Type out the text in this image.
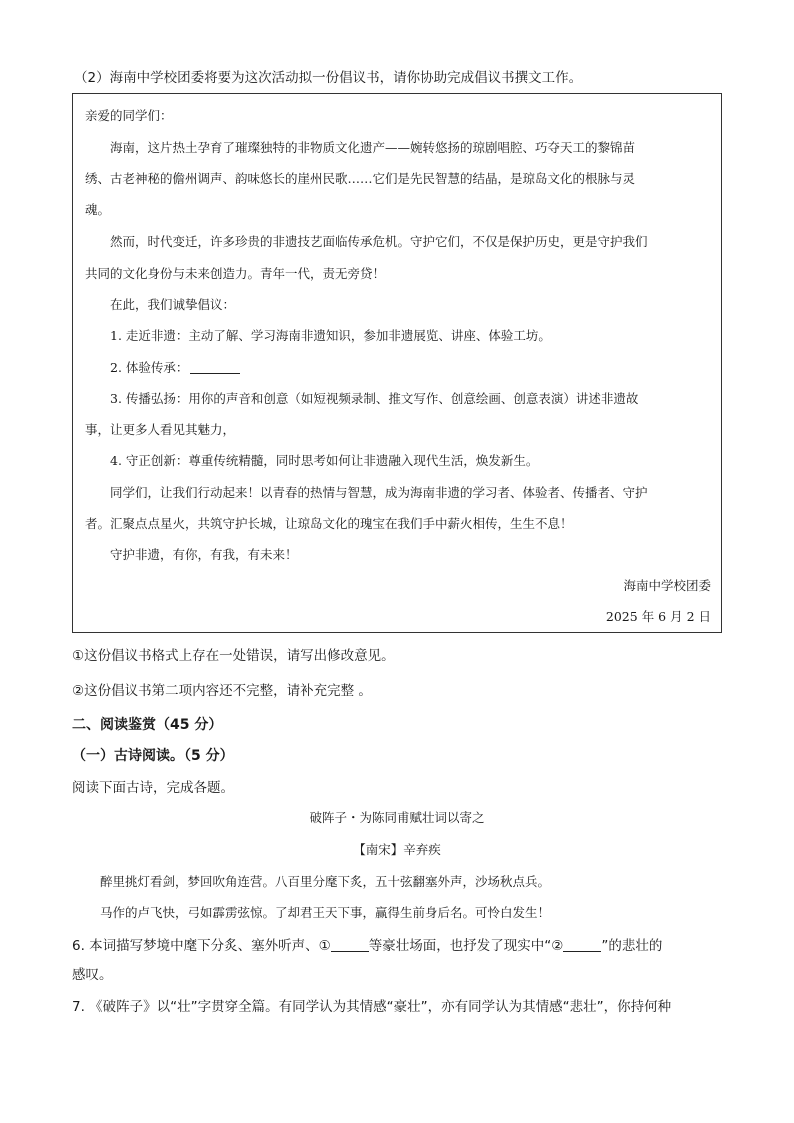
（2）海南中学校团委将要为这次活动拟一份倡议书，请你协助完成倡议书撰文工作。
亲爱的同学们：
海南，这片热土孕育了璀璨独特的非物质文化遗产——婉转悠扬的琼剧唱腔、巧夺天工的黎锦苗
绣、古老神秘的儋州调声、韵味悠长的崖州民歌……它们是先民智慧的结晶，是琼岛文化的根脉与灵
魂。
然而，时代变迁，许多珍贵的非遗技艺面临传承危机。守护它们，不仅是保护历史，更是守护我们
共同的文化身份与未来创造力。青年一代，责无旁贷！
在此，我们诚挚倡议：
1. 走近非遗：主动了解、学习海南非遗知识，参加非遗展览、讲座、体验工坊。
2. 体验传承：
3. 传播弘扬：用你的声音和创意（如短视频录制、推文写作、创意绘画、创意表演）讲述非遗故
事，让更多人看见其魅力，
4. 守正创新：尊重传统精髓，同时思考如何让非遗融入现代生活，焕发新生。
同学们，让我们行动起来！以青春的热情与智慧，成为海南非遗的学习者、体验者、传播者、守护
者。汇聚点点星火，共筑守护长城，让琼岛文化的瑰宝在我们手中薪火相传，生生不息！
守护非遗，有你，有我，有未来！
海南中学校团委
2025 年 6 月 2 日
①这份倡议书格式上存在一处错误，请写出修改意见。
②这份倡议书第二项内容还不完整，请补充完整 。
二、阅读鉴赏（45 分）
（一）古诗阅读。（5 分）
阅读下面古诗，完成各题。
破阵子・为陈同甫赋壮词以寄之
【南宋】辛弃疾
醉里挑灯看剑，梦回吹角连营。八百里分麾下炙，五十弦翻塞外声，沙场秋点兵。
马作的卢飞快，弓如霹雳弦惊。了却君王天下事，赢得生前身后名。可怜白发生！
6. 本词描写梦境中麾下分炙、塞外听声、①	等豪壮场面，也抒发了现实中“②	”的悲壮的
感叹。
7. 《破阵子》以“壮”字贯穿全篇。有同学认为其情感“豪壮”，亦有同学认为其情感“悲壮”，你持何种
